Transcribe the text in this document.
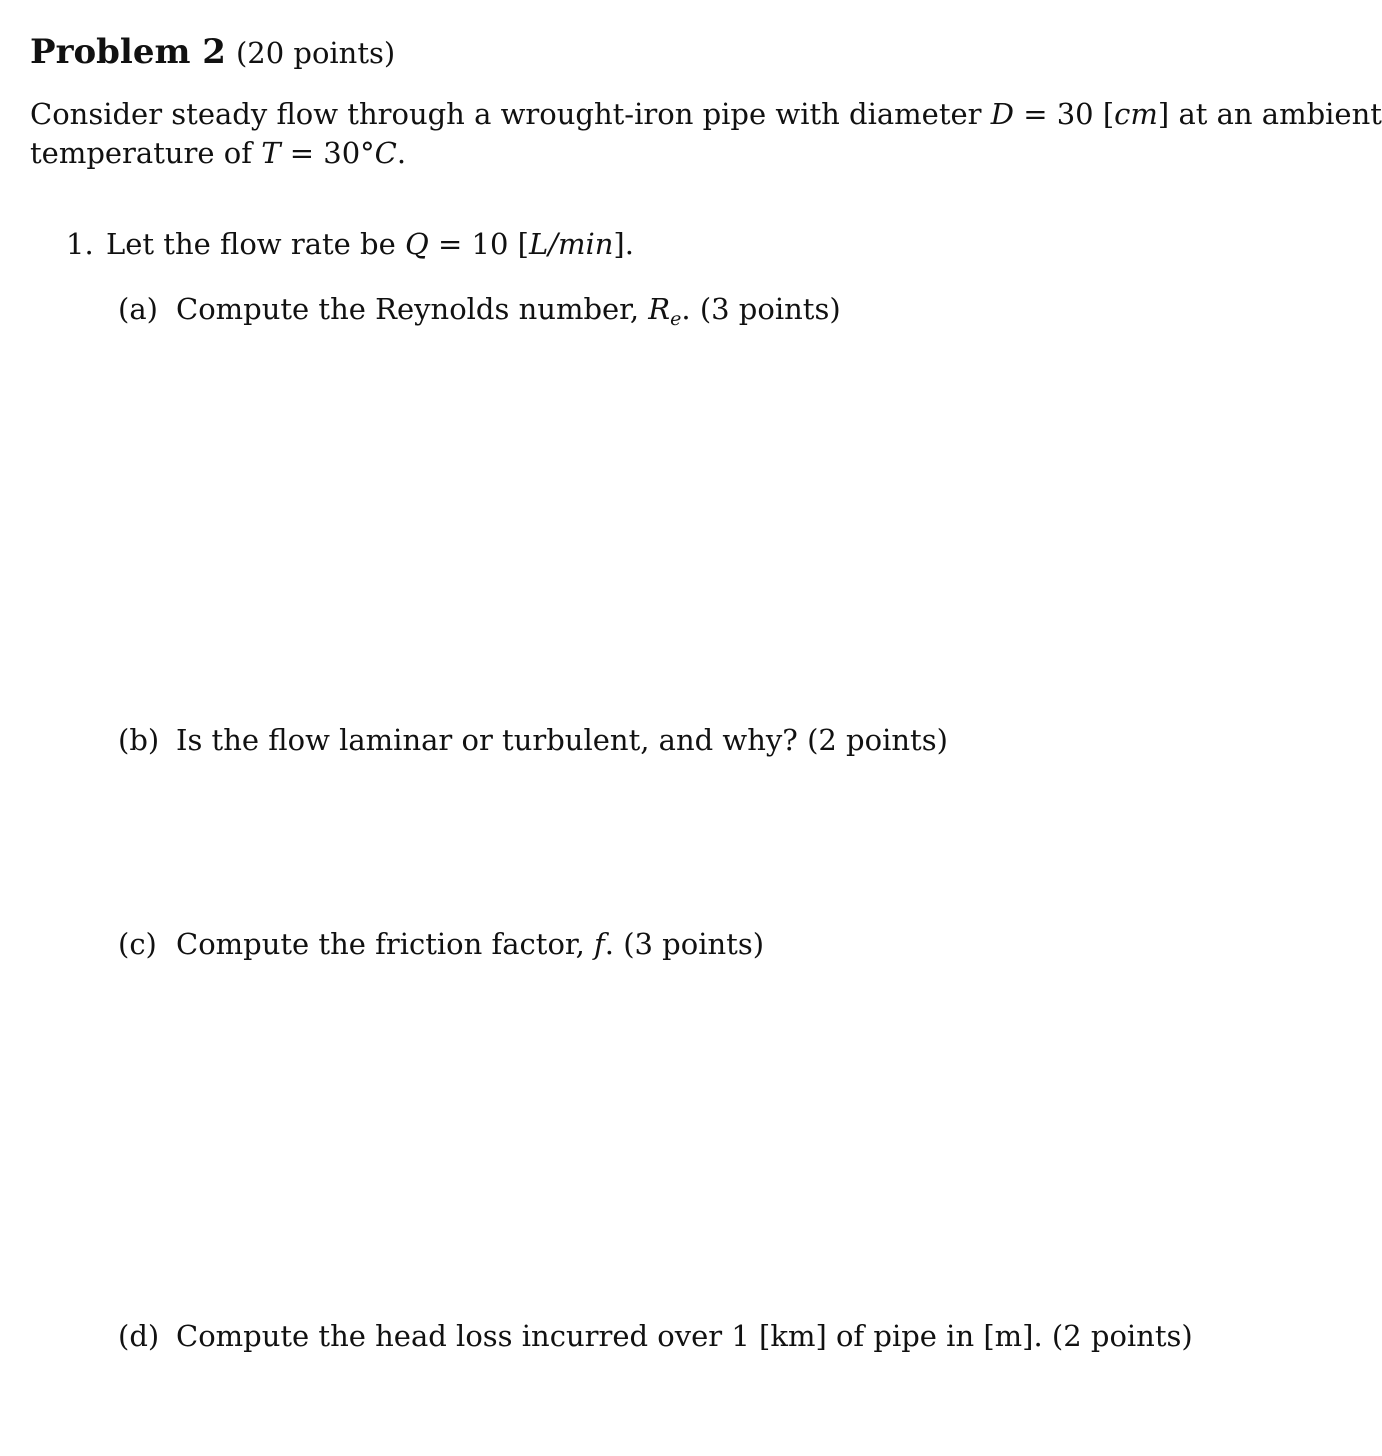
Problem 2 (20 points)
Consider steady flow through a wrought-iron pipe with diameter D = 30 [cm] at an ambient
temperature of T = 30°C.
1. Let the flow rate be Q = 10 [L/min].
(a) Compute the Reynolds number, $R_e$. (3 points)
(b) Is the flow laminar or turbulent, and why? (2 points)
(c) Compute the friction factor, f. (3 points)
(d) Compute the head loss incurred over 1 [km] of pipe in [m]. (2 points)
